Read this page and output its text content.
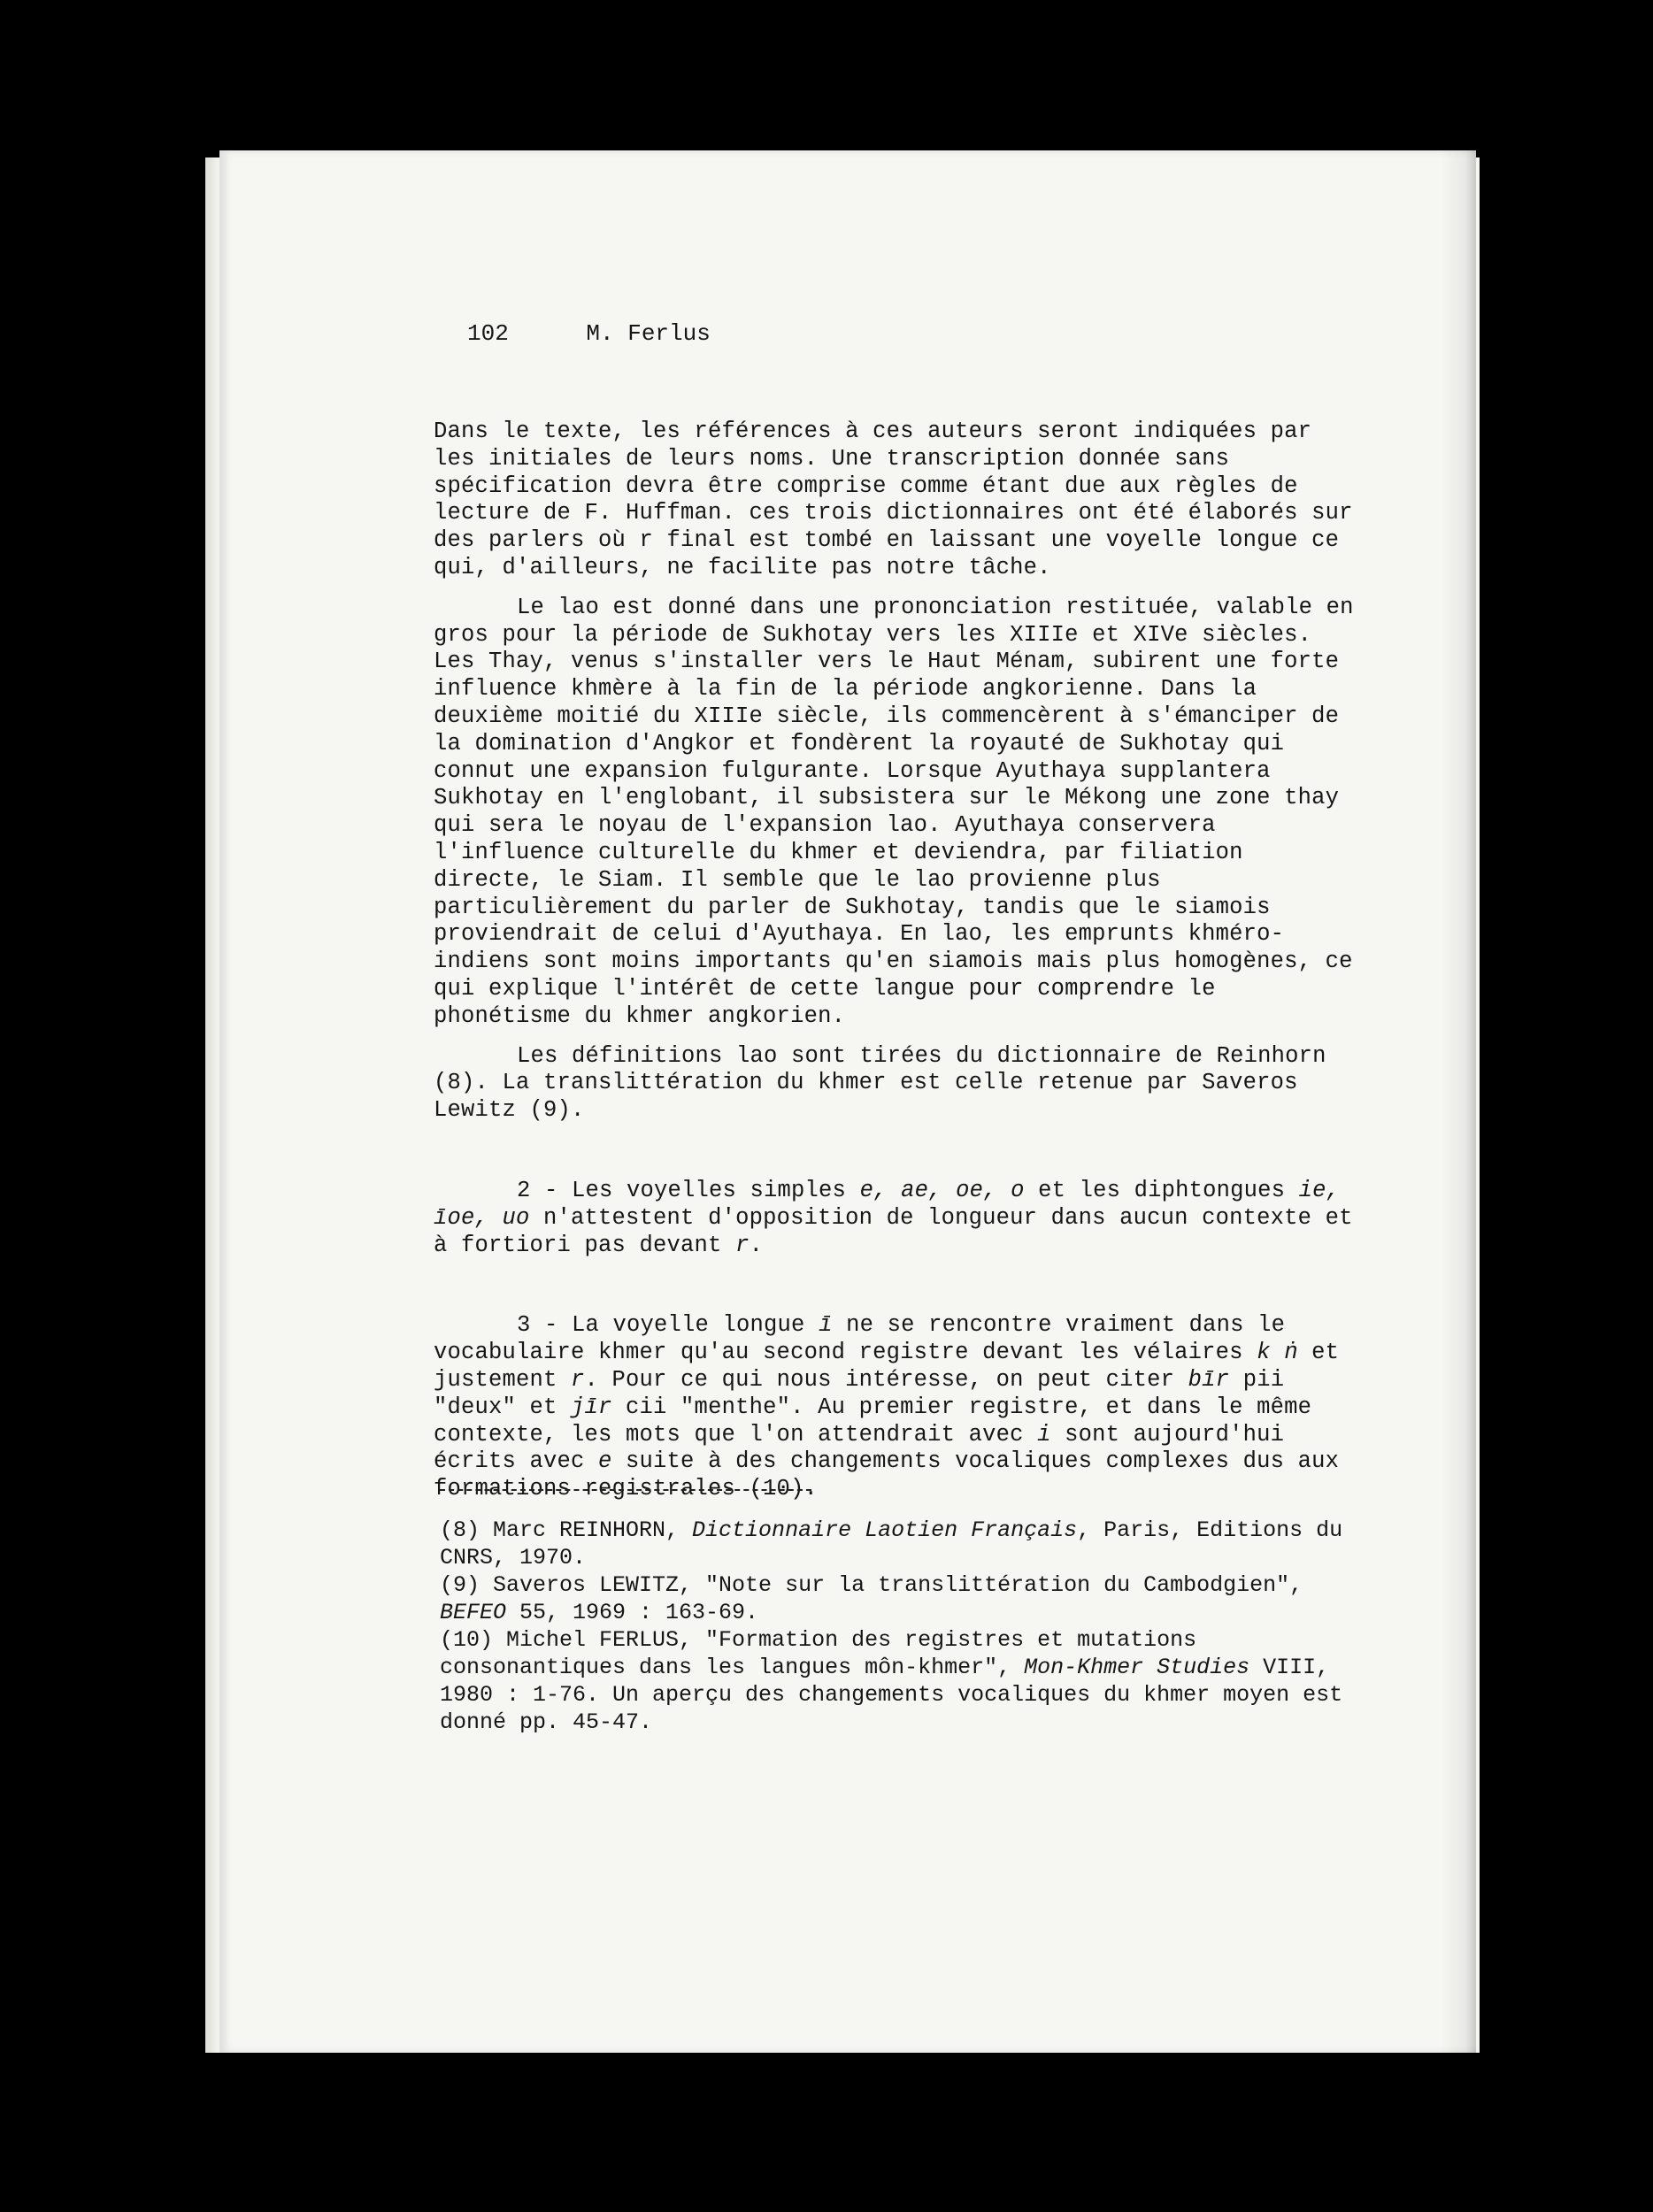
102	M. Ferlus

Dans le texte, les références à ces auteurs seront indiquées par les initiales de leurs noms. Une transcription donnée sans spécification devra être comprise comme étant due aux règles de lecture de F. Huffman. ces trois dictionnaires ont été élaborés sur des parlers où r final est tombé en laissant une voyelle longue ce qui, d'ailleurs, ne facilite pas notre tâche.

Le lao est donné dans une prononciation restituée, valable en gros pour la période de Sukhotay vers les XIIIe et XIVe siècles. Les Thay, venus s'installer vers le Haut Ménam, subirent une forte influence khmère à la fin de la période angkorienne. Dans la deuxième moitié du XIIIe siècle, ils commencèrent à s'émanciper de la domination d'Angkor et fondèrent la royauté de Sukhotay qui connut une expansion fulgurante. Lorsque Ayuthaya supplantera Sukhotay en l'englobant, il subsistera sur le Mékong une zone thay qui sera le noyau de l'expansion lao. Ayuthaya conservera l'influence culturelle du khmer et deviendra, par filiation directe, le Siam. Il semble que le lao provienne plus particulièrement du parler de Sukhotay, tandis que le siamois proviendrait de celui d'Ayuthaya. En lao, les emprunts khméro-indiens sont moins importants qu'en siamois mais plus homogènes, ce qui explique l'intérêt de cette langue pour comprendre le phonétisme du khmer angkorien.

Les définitions lao sont tirées du dictionnaire de Reinhorn (8). La translittération du khmer est celle retenue par Saveros Lewitz (9).

2 - Les voyelles simples e, ae, oe, o et les diphtongues ie, īoe, uo n'attestent d'opposition de longueur dans aucun contexte et à fortiori pas devant r.

3 - La voyelle longue ī ne se rencontre vraiment dans le vocabulaire khmer qu'au second registre devant les vélaires k ṅ et justement r. Pour ce qui nous intéresse, on peut citer bīr pii "deux" et jīr cii "menthe". Au premier registre, et dans le même contexte, les mots que l'on attendrait avec i sont aujourd'hui écrits avec e suite à des changements vocaliques complexes dus aux formations registrales (10).

(8) Marc REINHORN, Dictionnaire Laotien Français, Paris, Editions du CNRS, 1970.

(9) Saveros LEWITZ, "Note sur la translittération du Cambodgien", BEFEO 55, 1969 : 163-69.

(10) Michel FERLUS, "Formation des registres et mutations consonantiques dans les langues môn-khmer", Mon-Khmer Studies VIII, 1980 : 1-76. Un aperçu des changements vocaliques du khmer moyen est donné pp. 45-47.
